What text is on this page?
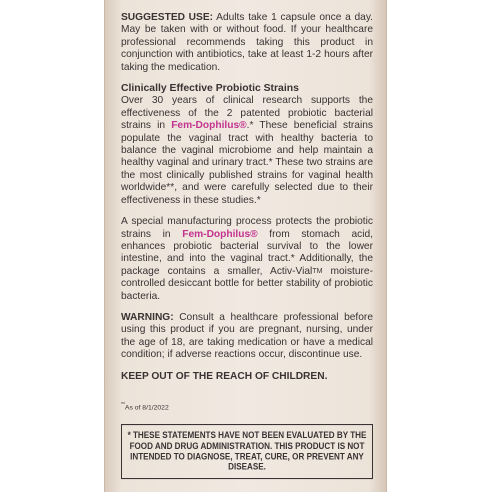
SUGGESTED USE: Adults take 1 capsule once a day. May be taken with or without food. If your healthcare professional recommends taking this product in conjunction with antibiotics, take at least 1-2 hours after taking the medication.

Clinically Effective Probiotic Strains

Over 30 years of clinical research supports the effectiveness of the 2 patented probiotic bacterial strains in Fem-Dophilus®.* These beneficial strains populate the vaginal tract with healthy bacteria to balance the vaginal microbiome and help maintain a healthy vaginal and urinary tract.* These two strains are the most clinically published strains for vaginal health worldwide**, and were carefully selected due to their effectiveness in these studies.*

A special manufacturing process protects the probiotic strains in Fem-Dophilus® from stomach acid, enhances probiotic bacterial survival to the lower intestine, and into the vaginal tract.* Additionally, the package contains a smaller, Activ-Vial™ moisture-controlled desiccant bottle for better stability of probiotic bacteria.

WARNING: Consult a healthcare professional before using this product if you are pregnant, nursing, under the age of 18, are taking medication or have a medical condition; if adverse reactions occur, discontinue use.

KEEP OUT OF THE REACH OF CHILDREN.

**As of 8/1/2022

* THESE STATEMENTS HAVE NOT BEEN EVALUATED BY THE FOOD AND DRUG ADMINISTRATION. THIS PRODUCT IS NOT INTENDED TO DIAGNOSE, TREAT, CURE, OR PREVENT ANY DISEASE.
